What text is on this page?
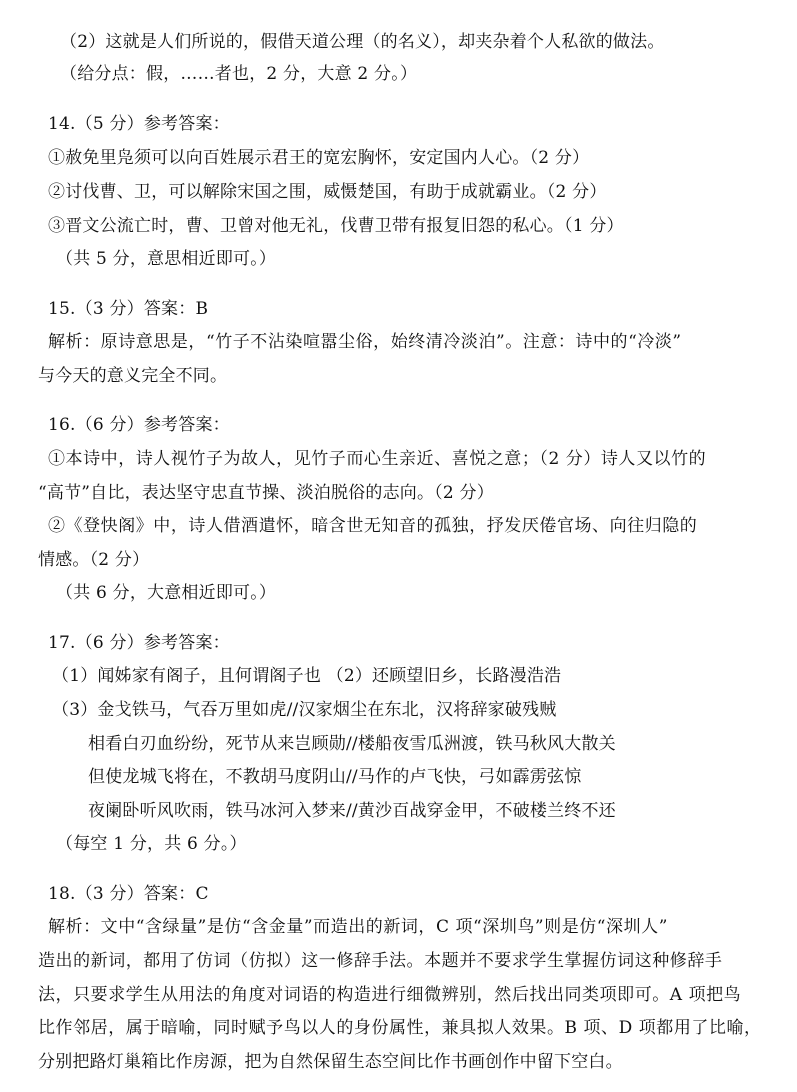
（2）这就是人们所说的，假借天道公理（的名义），却夹杂着个人私欲的做法。
（给分点：假，……者也，2 分，大意 2 分。）
14.（5 分）参考答案：
①赦免里凫须可以向百姓展示君王的宽宏胸怀，安定国内人心。（2 分）
②讨伐曹、卫，可以解除宋国之围，威慑楚国，有助于成就霸业。（2 分）
③晋文公流亡时，曹、卫曾对他无礼，伐曹卫带有报复旧怨的私心。（1 分）
（共 5 分，意思相近即可。）
15.（3 分）答案：B
解析：原诗意思是，“竹子不沾染喧嚣尘俗，始终清冷淡泊”。注意：诗中的“冷淡”
与今天的意义完全不同。
16.（6 分）参考答案：
①本诗中，诗人视竹子为故人，见竹子而心生亲近、喜悦之意；（2 分）诗人又以竹的
“高节”自比，表达坚守忠直节操、淡泊脱俗的志向。（2 分）
②《登快阁》中，诗人借酒遣怀，暗含世无知音的孤独，抒发厌倦官场、向往归隐的
情感。（2 分）
（共 6 分，大意相近即可。）
17.（6 分）参考答案：
（1）闻姊家有阁子，且何谓阁子也 （2）还顾望旧乡，长路漫浩浩
（3）金戈铁马，气吞万里如虎//汉家烟尘在东北，汉将辞家破残贼
相看白刃血纷纷，死节从来岂顾勋//楼船夜雪瓜洲渡，铁马秋风大散关
但使龙城飞将在，不教胡马度阴山//马作的卢飞快，弓如霹雳弦惊
夜阑卧听风吹雨，铁马冰河入梦来//黄沙百战穿金甲，不破楼兰终不还
（每空 1 分，共 6 分。）
18.（3 分）答案：C
解析：文中“含绿量”是仿“含金量”而造出的新词，C 项“深圳鸟”则是仿“深圳人”
造出的新词，都用了仿词（仿拟）这一修辞手法。本题并不要求学生掌握仿词这种修辞手
法，只要求学生从用法的角度对词语的构造进行细微辨别，然后找出同类项即可。A 项把鸟
比作邻居，属于暗喻，同时赋予鸟以人的身份属性，兼具拟人效果。B 项、D 项都用了比喻，
分别把路灯巢箱比作房源，把为自然保留生态空间比作书画创作中留下空白。
